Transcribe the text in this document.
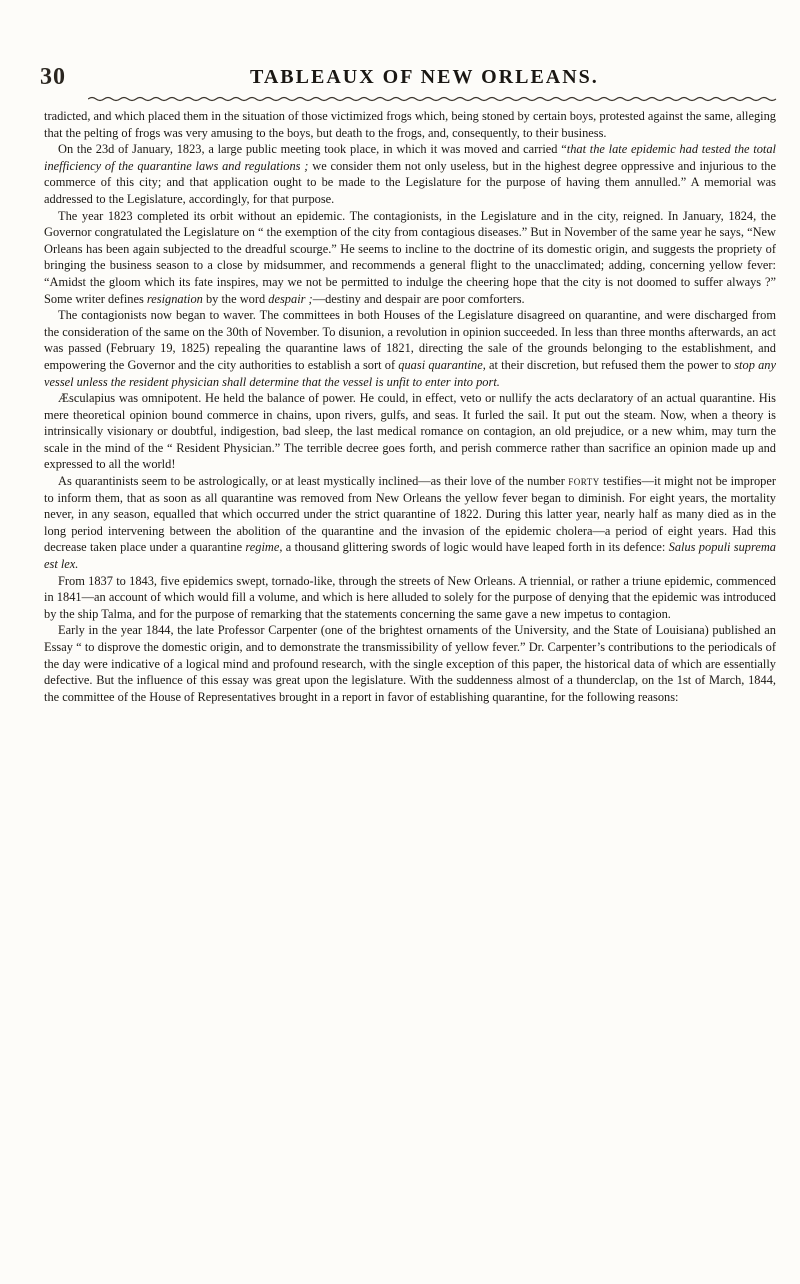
30	TABLEAUX OF NEW ORLEANS.

tradicted, and which placed them in the situation of those victimized frogs which, being stoned by certain boys, protested against the same, alleging that the pelting of frogs was very amusing to the boys, but death to the frogs, and, consequently, to their business.

On the 23d of January, 1823, a large public meeting took place, in which it was moved and carried “that the late epidemic had tested the total inefficiency of the quarantine laws and regulations ; we consider them not only useless, but in the highest degree oppressive and injurious to the commerce of this city; and that application ought to be made to the Legislature for the purpose of having them annulled.” A memorial was addressed to the Legislature, accordingly, for that purpose.

The year 1823 completed its orbit without an epidemic. The contagionists, in the Legislature and in the city, reigned. In January, 1824, the Governor congratulated the Legislature on “ the exemption of the city from contagious diseases.” But in November of the same year he says, “New Orleans has been again subjected to the dreadful scourge.” He seems to incline to the doctrine of its domestic origin, and suggests the propriety of bringing the business season to a close by midsummer, and recommends a general flight to the unacclimated; adding, concerning yellow fever: “Amidst the gloom which its fate inspires, may we not be permitted to indulge the cheering hope that the city is not doomed to suffer always ?” Some writer defines resignation by the word despair ;—destiny and despair are poor comforters.

The contagionists now began to waver. The committees in both Houses of the Legislature disagreed on quarantine, and were discharged from the consideration of the same on the 30th of November. To disunion, a revolution in opinion succeeded. In less than three months afterwards, an act was passed (February 19, 1825) repealing the quarantine laws of 1821, directing the sale of the grounds belonging to the establishment, and empowering the Governor and the city authorities to establish a sort of quasi quarantine, at their discretion, but refused them the power to stop any vessel unless the resident physician shall determine that the vessel is unfit to enter into port.

Æsculapius was omnipotent. He held the balance of power. He could, in effect, veto or nullify the acts declaratory of an actual quarantine. His mere theoretical opinion bound commerce in chains, upon rivers, gulfs, and seas. It furled the sail. It put out the steam. Now, when a theory is intrinsically visionary or doubtful, indigestion, bad sleep, the last medical romance on contagion, an old prejudice, or a new whim, may turn the scale in the mind of the “ Resident Physician.” The terrible decree goes forth, and perish commerce rather than sacrifice an opinion made up and expressed to all the world!

As quarantinists seem to be astrologically, or at least mystically inclined—as their love of the number forty testifies—it might not be improper to inform them, that as soon as all quarantine was removed from New Orleans the yellow fever began to diminish. For eight years, the mortality never, in any season, equalled that which occurred under the strict quarantine of 1822. During this latter year, nearly half as many died as in the long period intervening between the abolition of the quarantine and the invasion of the epidemic cholera—a period of eight years. Had this decrease taken place under a quarantine regime, a thousand glittering swords of logic would have leaped forth in its defence: Salus populi suprema est lex.

From 1837 to 1843, five epidemics swept, tornado-like, through the streets of New Orleans. A triennial, or rather a triune epidemic, commenced in 1841—an account of which would fill a volume, and which is here alluded to solely for the purpose of denying that the epidemic was introduced by the ship Talma, and for the purpose of remarking that the statements concerning the same gave a new impetus to contagion.

Early in the year 1844, the late Professor Carpenter (one of the brightest ornaments of the University, and the State of Louisiana) published an Essay “ to disprove the domestic origin, and to demonstrate the transmissibility of yellow fever.” Dr. Carpenter’s contributions to the periodicals of the day were indicative of a logical mind and profound research, with the single exception of this paper, the historical data of which are essentially defective. But the influence of this essay was great upon the legislature. With the suddenness almost of a thunderclap, on the 1st of March, 1844, the committee of the House of Representatives brought in a report in favor of establishing quarantine, for the following reasons:
